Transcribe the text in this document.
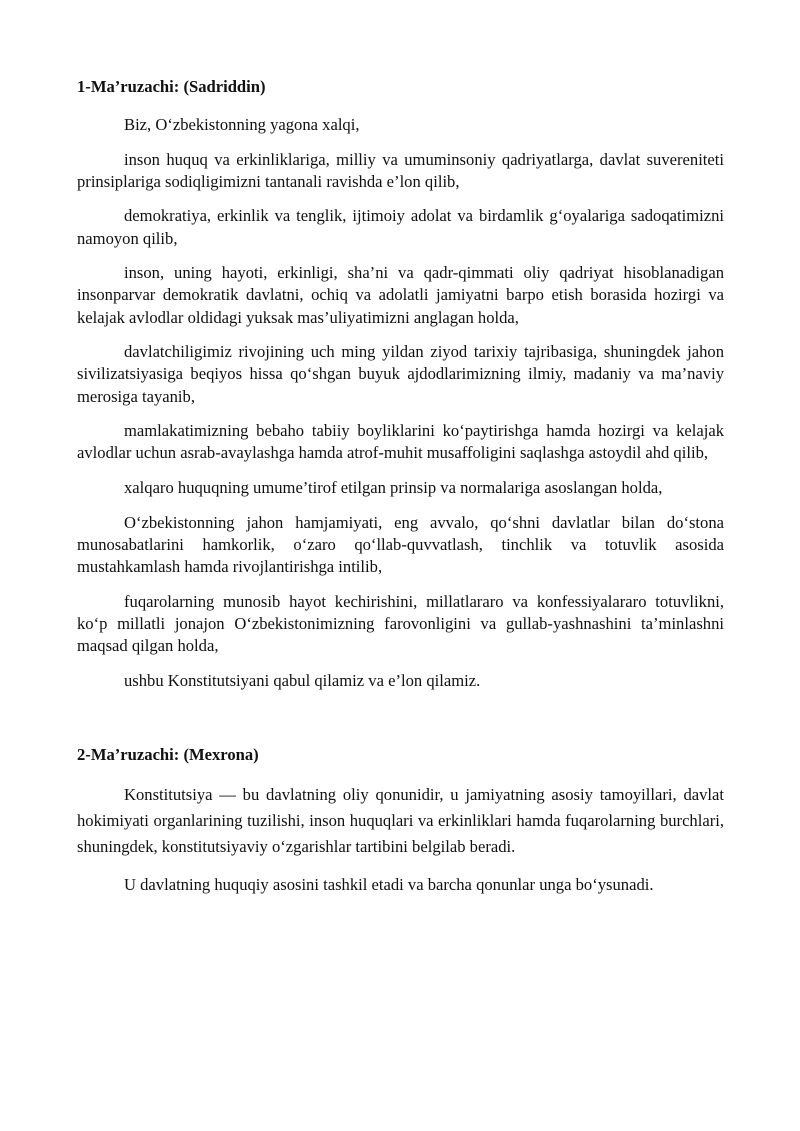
1-Ma’ruzachi: (Sadriddin)

Biz, O‘zbekistonning yagona xalqi,

inson huquq va erkinliklariga, milliy va umuminsoniy qadriyatlarga, davlat suvereniteti prinsiplariga sodiqligimizni tantanali ravishda e’lon qilib,

demokratiya, erkinlik va tenglik, ijtimoiy adolat va birdamlik g‘oyalariga sadoqatimizni namoyon qilib,

inson, uning hayoti, erkinligi, sha’ni va qadr-qimmati oliy qadriyat hisoblanadigan insonparvar demokratik davlatni, ochiq va adolatli jamiyatni barpo etish borasida hozirgi va kelajak avlodlar oldidagi yuksak mas’uliyatimizni anglagan holda,

davlatchiligimiz rivojining uch ming yildan ziyod tarixiy tajribasiga, shuningdek jahon sivilizatsiyasiga beqiyos hissa qo‘shgan buyuk ajdodlarimizning ilmiy, madaniy va ma’naviy merosiga tayanib,

mamlakatimizning bebaho tabiiy boyliklarini ko‘paytirishga hamda hozirgi va kelajak avlodlar uchun asrab-avaylashga hamda atrof-muhit musaffoligini saqlashga astoydil ahd qilib,

xalqaro huquqning umume’tirof etilgan prinsip va normalariga asoslangan holda,

O‘zbekistonning jahon hamjamiyati, eng avvalo, qo‘shni davlatlar bilan do‘stona munosabatlarini hamkorlik, o‘zaro qo‘llab-quvvatlash, tinchlik va totuvlik asosida mustahkamlash hamda rivojlantirishga intilib,

fuqarolarning munosib hayot kechirishini, millatlararo va konfessiyalararo totuvlikni, ko‘p millatli jonajon O‘zbekistonimizning farovonligini va gullab-yashnashini ta’minlashni maqsad qilgan holda,

ushbu Konstitutsiyani qabul qilamiz va e’lon qilamiz.

2-Ma’ruzachi: (Mexrona)

Konstitutsiya — bu davlatning oliy qonunidir, u jamiyatning asosiy tamoyillari, davlat hokimiyati organlarining tuzilishi, inson huquqlari va erkinliklari hamda fuqarolarning burchlari, shuningdek, konstitutsiyaviy o‘zgarishlar tartibini belgilab beradi.

U davlatning huquqiy asosini tashkil etadi va barcha qonunlar unga bo‘ysunadi.
